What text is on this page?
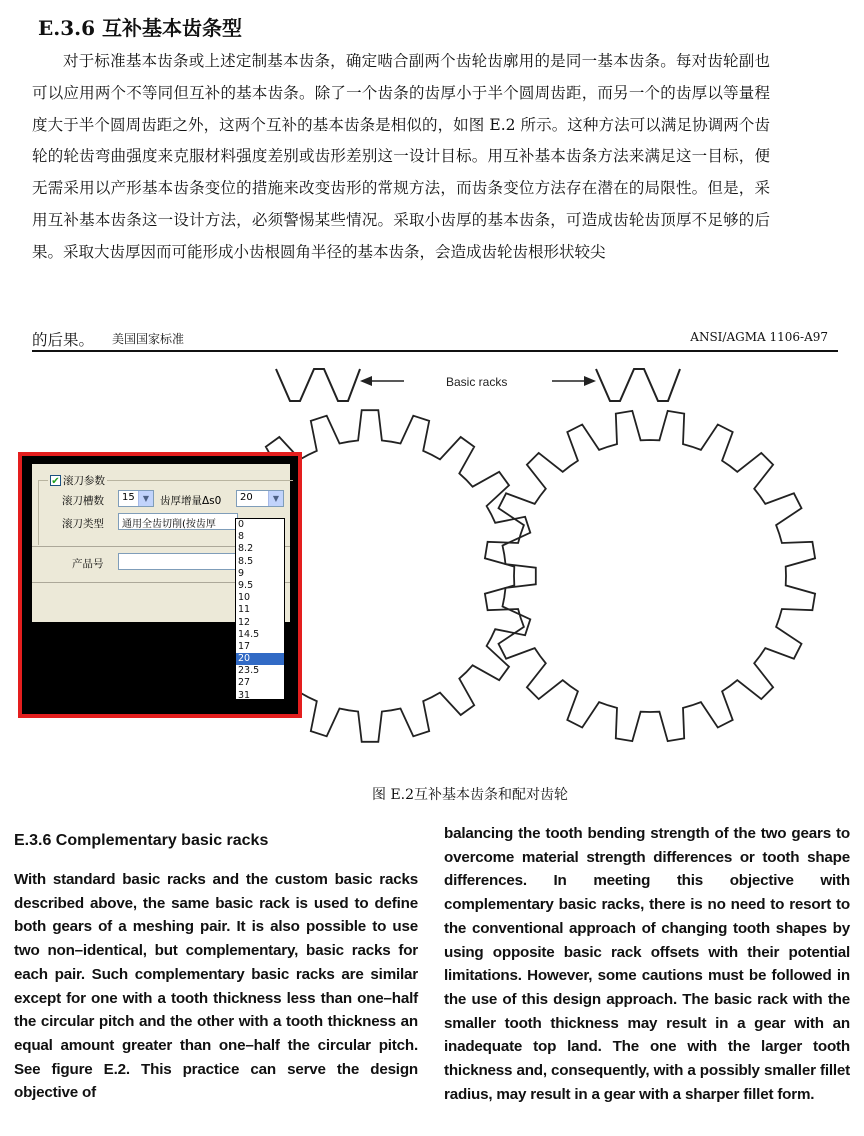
E.3.6 互补基本齿条型

对于标准基本齿条或上述定制基本齿条，确定啮合副两个齿轮齿廓用的是同一基本齿条。每对齿轮副也可以应用两个不等同但互补的基本齿条。除了一个齿条的齿厚小于半个圆周齿距，而另一个的齿厚以等量程度大于半个圆周齿距之外，这两个互补的基本齿条是相似的，如图 E.2 所示。这种方法可以满足协调两个齿轮的轮齿弯曲强度来克服材料强度差别或齿形差别这一设计目标。用互补基本齿条方法来满足这一目标，便无需采用以产形基本齿条变位的措施来改变齿形的常规方法，而齿条变位方法存在潜在的局限性。但是，采用互补基本齿条这一设计方法，必须警惕某些情况。采取小齿厚的基本齿条，可造成齿轮齿顶厚不足够的后果。采取大齿厚因而可能形成小齿根圆角半径的基本齿条，会造成齿轮齿根形状较尖

的后果。 美国国家标准	ANSI/AGMA 1106-A97
Basic racks
✔ 滚刀参数
滚刀槽数 15	▼	齿厚增量Δs0 20	▼
滚刀类型 通用全齿切削(按齿厚
产品号
0
8
8.2
8.5
9
9.5
10
11
12
14.5
17
20
23.5
27
31
图 E.2互补基本齿条和配对齿轮
E.3.6 Complementary basic racks

With standard basic racks and the custom basic racks described above, the same basic rack is used to define both gears of a meshing pair. It is also possible to use two non–identical, but complementary, basic racks for each pair. Such complementary basic racks are similar except for one with a tooth thickness less than one–half the circular pitch and the other with a tooth thickness an equal amount greater than one–half the circular pitch. See figure E.2. This practice can serve the design objective of

balancing the tooth bending strength of the two gears to overcome material strength differences or tooth shape differences. In meeting this objective with complementary basic racks, there is no need to resort to the conventional approach of changing tooth shapes by using opposite basic rack offsets with their potential limitations. However, some cautions must be followed in the use of this design approach. The basic rack with the smaller tooth thickness may result in a gear with an inadequate top land. The one with the larger tooth thickness and, consequently, with a possibly smaller fillet radius, may result in a gear with a sharper fillet form.
